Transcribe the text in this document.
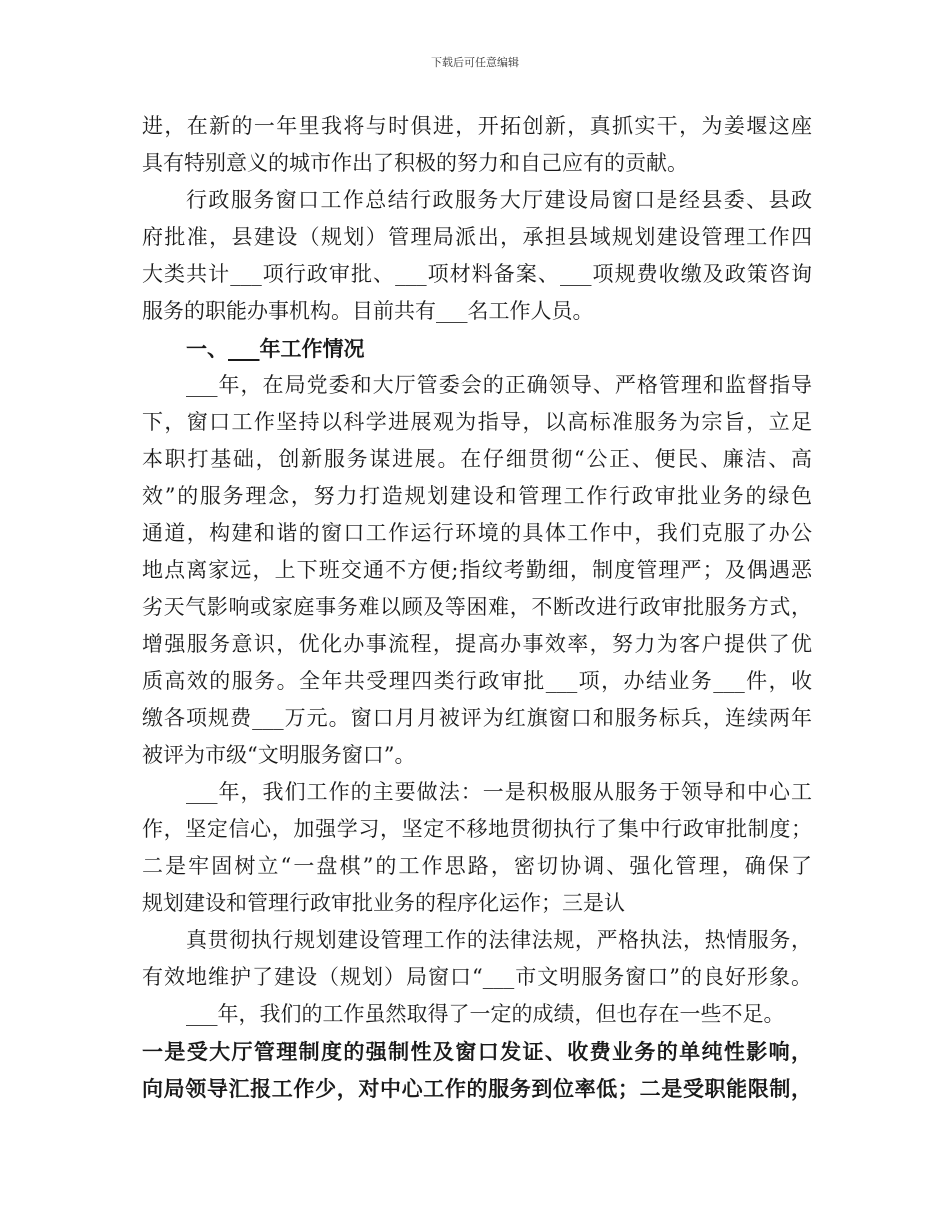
下载后可任意编辑
进，在新的一年里我将与时俱进，开拓创新，真抓实干，为姜堰这座
具有特别意义的城市作出了积极的努力和自己应有的贡献。
行政服务窗口工作总结行政服务大厅建设局窗口是经县委、县政
府批准，县建设（规划）管理局派出，承担县域规划建设管理工作四
大类共计___项行政审批、___项材料备案、___项规费收缴及政策咨询
服务的职能办事机构。目前共有___名工作人员。
一、___年工作情况
___年，在局党委和大厅管委会的正确领导、严格管理和监督指导
下，窗口工作坚持以科学进展观为指导，以高标准服务为宗旨，立足
本职打基础，创新服务谋进展。在仔细贯彻“公正、便民、廉洁、高
效”的服务理念，努力打造规划建设和管理工作行政审批业务的绿色
通道，构建和谐的窗口工作运行环境的具体工作中，我们克服了办公
地点离家远，上下班交通不方便;指纹考勤细，制度管理严；及偶遇恶
劣天气影响或家庭事务难以顾及等困难，不断改进行政审批服务方式，
增强服务意识，优化办事流程，提高办事效率，努力为客户提供了优
质高效的服务。全年共受理四类行政审批___项，办结业务___件，收
缴各项规费___万元。窗口月月被评为红旗窗口和服务标兵，连续两年
被评为市级“文明服务窗口”。
___年，我们工作的主要做法：一是积极服从服务于领导和中心工
作，坚定信心，加强学习，坚定不移地贯彻执行了集中行政审批制度；
二是牢固树立“一盘棋”的工作思路，密切协调、强化管理，确保了
规划建设和管理行政审批业务的程序化运作；三是认
真贯彻执行规划建设管理工作的法律法规，严格执法，热情服务，
有效地维护了建设（规划）局窗口“___市文明服务窗口”的良好形象。
___年，我们的工作虽然取得了一定的成绩，但也存在一些不足。
一是受大厅管理制度的强制性及窗口发证、收费业务的单纯性影响，
向局领导汇报工作少，对中心工作的服务到位率低；二是受职能限制，
